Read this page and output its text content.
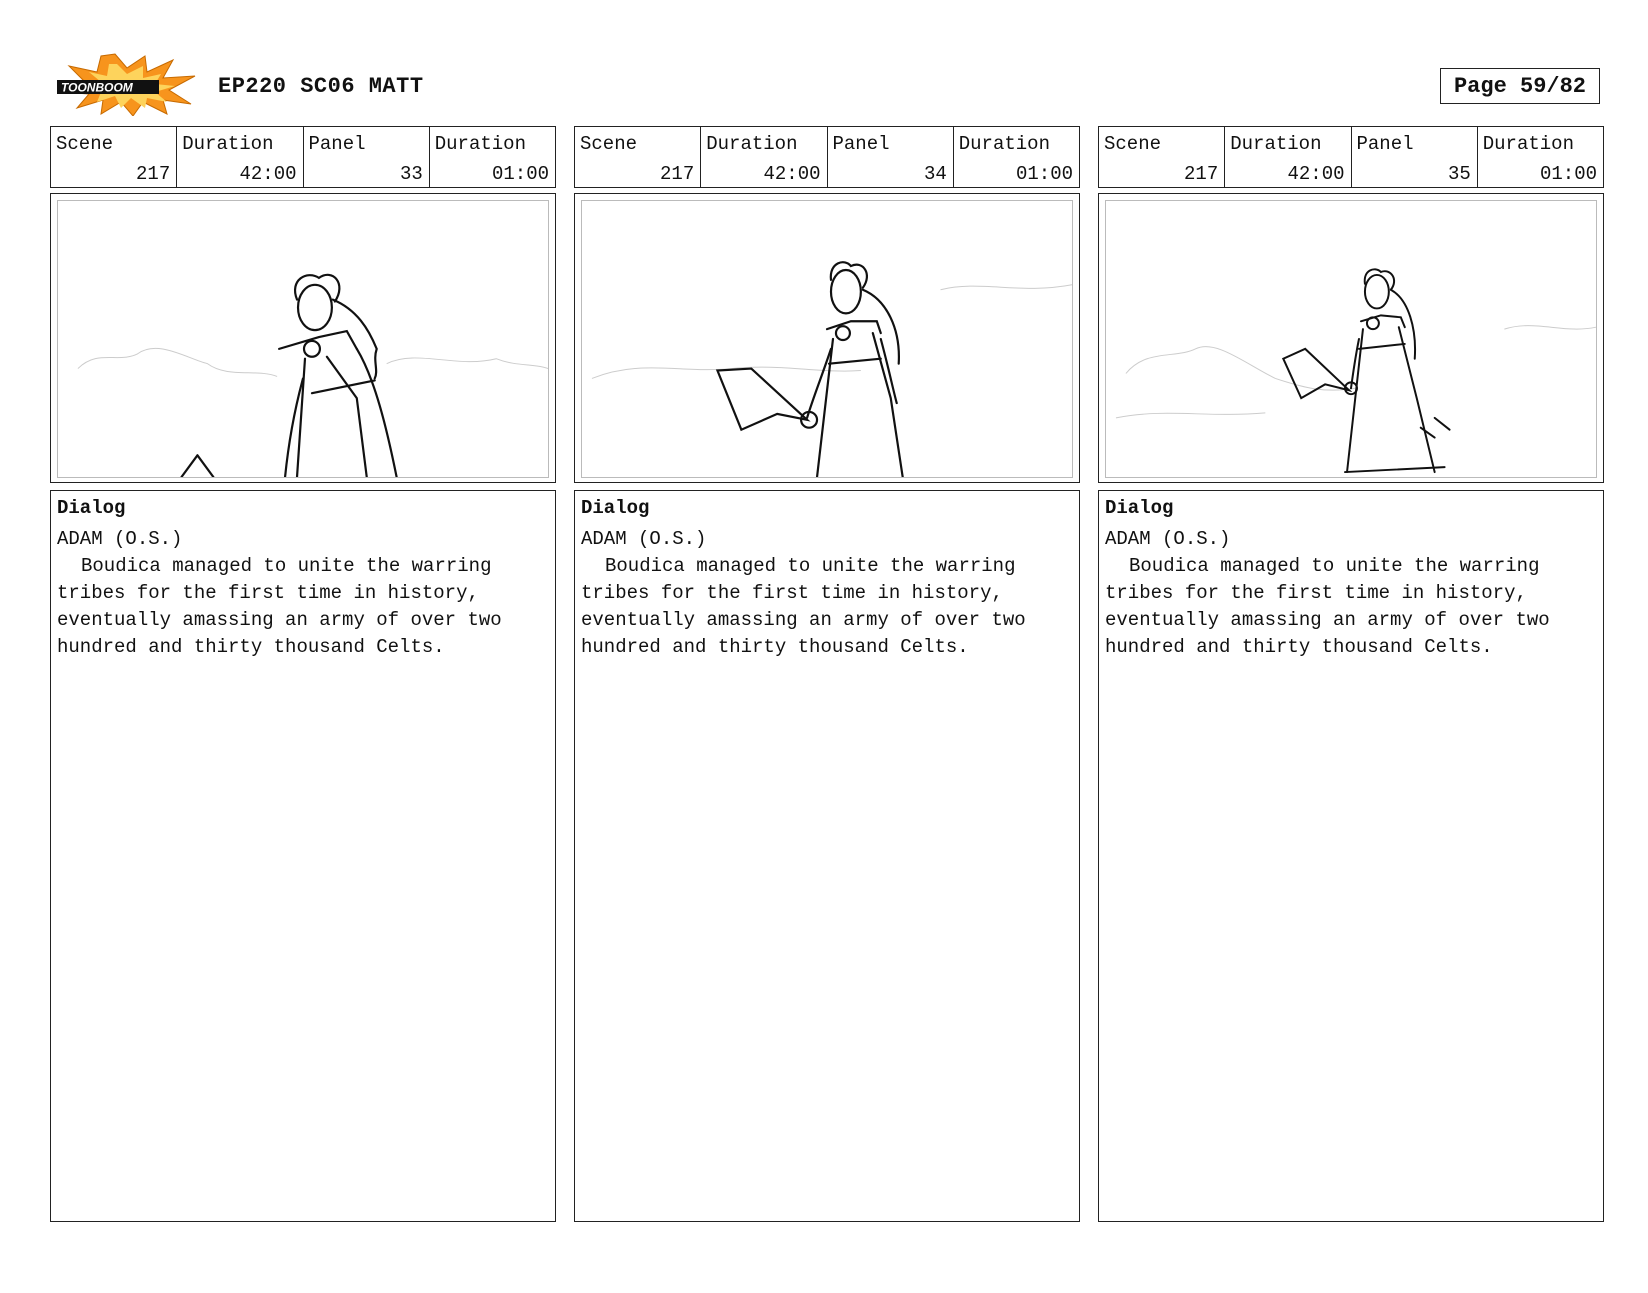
TOONBOOM	EP220 SC06 MATT	Page 59/82
Scene
217
Duration
42:00
Panel
33
Duration
01:00
Dialog
ADAM (O.S.)
Boudica managed to unite the warring tribes for the first time in history, eventually amassing an army of over two hundred and thirty thousand Celts.
Scene
217
Duration
42:00
Panel
34
Duration
01:00
Dialog
ADAM (O.S.)
Boudica managed to unite the warring tribes for the first time in history, eventually amassing an army of over two hundred and thirty thousand Celts.
Scene
217
Duration
42:00
Panel
35
Duration
01:00
Dialog
ADAM (O.S.)
Boudica managed to unite the warring tribes for the first time in history, eventually amassing an army of over two hundred and thirty thousand Celts.
